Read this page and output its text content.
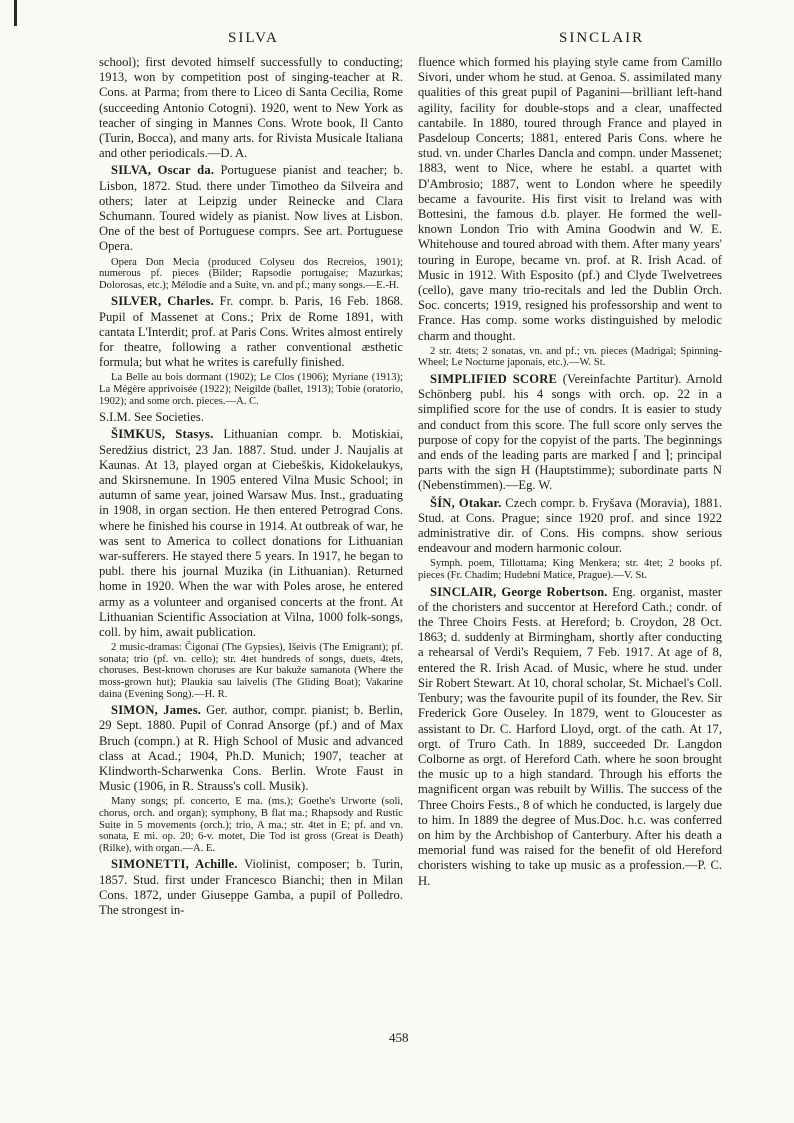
SILVA	SINCLAIR

school); first devoted himself successfully to conducting; 1913, won by competition post of singing-teacher at R. Cons. at Parma; from there to Liceo di Santa Cecilia, Rome (succeeding Antonio Cotogni). 1920, went to New York as teacher of singing in Mannes Cons. Wrote book, Il Canto (Turin, Bocca), and many arts. for Rivista Musicale Italiana and other periodicals.—D. A.

SILVA, Oscar da. Portuguese pianist and teacher; b. Lisbon, 1872. Stud. there under Timotheo da Silveira and others; later at Leipzig under Reinecke and Clara Schumann. Toured widely as pianist. Now lives at Lisbon. One of the best of Portuguese comprs. See art. Portuguese Opera.

Opera Don Mecia (produced Colyseu dos Recreios, 1901); numerous pf. pieces (Bilder; Rapsodie portugaise; Mazurkas; Dolorosas, etc.); Mélodie and a Suite, vn. and pf.; many songs.—E.-H.

SILVER, Charles. Fr. compr. b. Paris, 16 Feb. 1868. Pupil of Massenet at Cons.; Prix de Rome 1891, with cantata L'Interdit; prof. at Paris Cons. Writes almost entirely for theatre, following a rather conventional æsthetic formula; but what he writes is carefully finished.

La Belle au bois dormant (1902); Le Clos (1906); Myriane (1913); La Mégère apprivoisée (1922); Neigilde (ballet, 1913); Tobie (oratorio, 1902); and some orch. pieces.—A. C.

S.I.M. See Societies.

ŠIMKUS, Stasys. Lithuanian compr. b. Motiskiai, Seredžius district, 23 Jan. 1887. Stud. under J. Naujalis at Kaunas. At 13, played organ at Ciebeškis, Kidokelaukys, and Skirsnemune. In 1905 entered Vilna Music School; in autumn of same year, joined Warsaw Mus. Inst., graduating in 1908, in organ section. He then entered Petrograd Cons. where he finished his course in 1914. At outbreak of war, he was sent to America to collect donations for Lithuanian war-sufferers. He stayed there 5 years. In 1917, he began to publ. there his journal Muzika (in Lithuanian). Returned home in 1920. When the war with Poles arose, he entered army as a volunteer and organised concerts at the front. At Lithuanian Scientific Association at Vilna, 1000 folk-songs, coll. by him, await publication.

2 music-dramas: Čigonai (The Gypsies), Išeivis (The Emigrant); pf. sonata; trio (pf. vn. cello); str. 4tet hundreds of songs, duets, 4tets, choruses. Best-known choruses are Kur bakuže samanota (Where the moss-grown hut); Plaukia sau laivelis (The Gliding Boat); Vakarine daina (Evening Song).—H. R.

SIMON, James. Ger. author, compr. pianist; b. Berlin, 29 Sept. 1880. Pupil of Conrad Ansorge (pf.) and of Max Bruch (compn.) at R. High School of Music and advanced class at Acad.; 1904, Ph.D. Munich; 1907, teacher at Klindworth-Scharwenka Cons. Berlin. Wrote Faust in Music (1906, in R. Strauss's coll. Musik).

Many songs; pf. concerto, E ma. (ms.); Goethe's Urworte (soli, chorus, orch. and organ); symphony, B flat ma.; Rhapsody and Rustic Suite in 5 movements (orch.); trio, A ma.; str. 4tet in E; pf. and vn. sonata, E mi. op. 20; 6-v. motet, Die Tod ist gross (Great is Death) (Rilke), with organ.—A. E.

SIMONETTI, Achille. Violinist, composer; b. Turin, 1857. Stud. first under Francesco Bianchi; then in Milan Cons. 1872, under Giuseppe Gamba, a pupil of Polledro. The strongest in-

fluence which formed his playing style came from Camillo Sivori, under whom he stud. at Genoa. S. assimilated many qualities of this great pupil of Paganini—brilliant left-hand agility, facility for double-stops and a clear, unaffected cantabile. In 1880, toured through France and played in Pasdeloup Concerts; 1881, entered Paris Cons. where he stud. vn. under Charles Dancla and compn. under Massenet; 1883, went to Nice, where he establ. a quartet with D'Ambrosio; 1887, went to London where he speedily became a favourite. His first visit to Ireland was with Bottesini, the famous d.b. player. He formed the well-known London Trio with Amina Goodwin and W. E. Whitehouse and toured abroad with them. After many years' touring in Europe, became vn. prof. at R. Irish Acad. of Music in 1912. With Esposito (pf.) and Clyde Twelvetrees (cello), gave many trio-recitals and led the Dublin Orch. Soc. concerts; 1919, resigned his professorship and went to France. Has comp. some works distinguished by melodic charm and thought.

2 str. 4tets; 2 sonatas, vn. and pf.; vn. pieces (Madrigal; Spinning-Wheel; Le Nocturne japonais, etc.).—W. St.

SIMPLIFIED SCORE (Vereinfachte Partitur). Arnold Schönberg publ. his 4 songs with orch. op. 22 in a simplified score for the use of condrs. It is easier to study and conduct from this score. The full score only serves the purpose of copy for the copyist of the parts. The beginnings and ends of the leading parts are marked ⌈ and ⌉; principal parts with the sign H (Hauptstimme); subordinate parts N (Nebenstimmen).—Eg. W.

ŠÍN, Otakar. Czech compr. b. Fryšava (Moravia), 1881. Stud. at Cons. Prague; since 1920 prof. and since 1922 administrative dir. of Cons. His compns. show serious endeavour and modern harmonic colour.

Symph. poem, Tillottama; King Menkera; str. 4tet; 2 books pf. pieces (Fr. Chadim; Hudební Matice, Prague).—V. St.

SINCLAIR, George Robertson. Eng. organist, master of the choristers and succentor at Hereford Cath.; condr. of the Three Choirs Fests. at Hereford; b. Croydon, 28 Oct. 1863; d. suddenly at Birmingham, shortly after conducting a rehearsal of Verdi's Requiem, 7 Feb. 1917. At age of 8, entered the R. Irish Acad. of Music, where he stud. under Sir Robert Stewart. At 10, choral scholar, St. Michael's Coll. Tenbury; was the favourite pupil of its founder, the Rev. Sir Frederick Gore Ouseley. In 1879, went to Gloucester as assistant to Dr. C. Harford Lloyd, orgt. of the cath. At 17, orgt. of Truro Cath. In 1889, succeeded Dr. Langdon Colborne as orgt. of Hereford Cath. where he soon brought the music up to a high standard. Through his efforts the magnificent organ was rebuilt by Willis. The success of the Three Choirs Fests., 8 of which he conducted, is largely due to him. In 1889 the degree of Mus.Doc. h.c. was conferred on him by the Archbishop of Canterbury. After his death a memorial fund was raised for the benefit of old Hereford choristers wishing to take up music as a profession.—P. C. H.

458
